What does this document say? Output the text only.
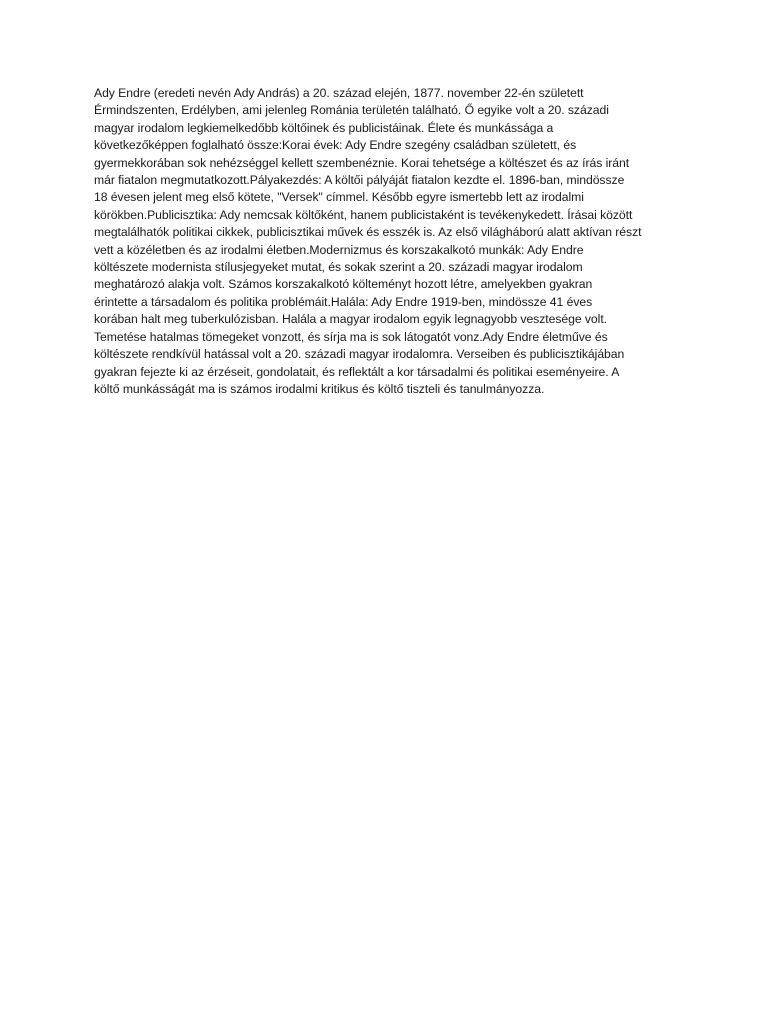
Ady Endre (eredeti nevén Ady András) a 20. század elején, 1877. november 22-én született
Érmindszenten, Erdélyben, ami jelenleg Románia területén található. Ő egyike volt a 20. századi
magyar irodalom legkiemelkedőbb költőinek és publicistáinak. Élete és munkássága a
következőképpen foglalható össze:Korai évek: Ady Endre szegény családban született, és
gyermekkorában sok nehézséggel kellett szembenéznie. Korai tehetsége a költészet és az írás iránt
már fiatalon megmutatkozott.Pályakezdés: A költői pályáját fiatalon kezdte el. 1896-ban, mindössze
18 évesen jelent meg első kötete, "Versek" címmel. Később egyre ismertebb lett az irodalmi
körökben.Publicisztika: Ady nemcsak költőként, hanem publicistaként is tevékenykedett. Írásai között
megtalálhatók politikai cikkek, publicisztikai művek és esszék is. Az első világháború alatt aktívan részt
vett a közéletben és az irodalmi életben.Modernizmus és korszakalkotó munkák: Ady Endre
költészete modernista stílusjegyeket mutat, és sokak szerint a 20. századi magyar irodalom
meghatározó alakja volt. Számos korszakalkotó költeményt hozott létre, amelyekben gyakran
érintette a társadalom és politika problémáit.Halála: Ady Endre 1919-ben, mindössze 41 éves
korában halt meg tuberkulózisban. Halála a magyar irodalom egyik legnagyobb vesztesége volt.
Temetése hatalmas tömegeket vonzott, és sírja ma is sok látogatót vonz.Ady Endre életműve és
költészete rendkívül hatással volt a 20. századi magyar irodalomra. Verseiben és publicisztikájában
gyakran fejezte ki az érzéseit, gondolatait, és reflektált a kor társadalmi és politikai eseményeire. A
költő munkásságát ma is számos irodalmi kritikus és költő tiszteli és tanulmányozza.
